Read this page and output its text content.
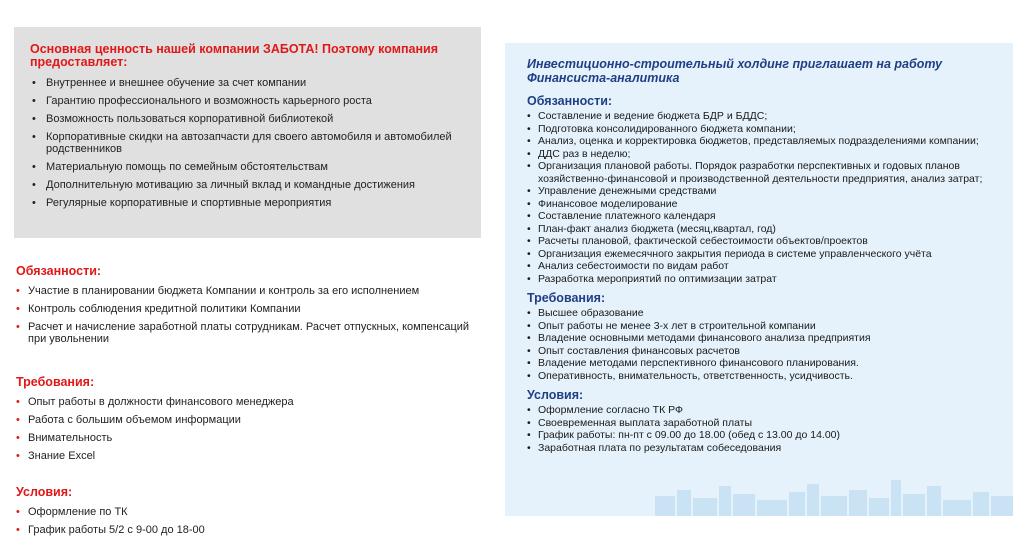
Основная ценность нашей компании ЗАБОТА! Поэтому компания предоставляет:

• Внутреннее и внешнее обучение за счет компании
• Гарантию профессионального и возможность карьерного роста
• Возможность пользоваться корпоративной библиотекой
• Корпоративные скидки на автозапчасти для своего автомобиля и автомобилей родственников
• Материальную помощь по семейным обстоятельствам
• Дополнительную мотивацию за личный вклад и командные достижения
• Регулярные корпоративные и спортивные мероприятия

Обязанности:

• Участие в планировании бюджета Компании и контроль за его исполнением
• Контроль соблюдения кредитной политики Компании
• Расчет и начисление заработной платы сотрудникам. Расчет отпускных, компенсаций при увольнении

Требования:

• Опыт работы в должности финансового менеджера
• Работа с большим объемом информации
• Внимательность
• Знание Excel

Условия:

• Оформление по ТК
• График работы 5/2 с 9-00 до 18-00

Инвестиционно-строительный холдинг приглашает на работу Финансиста-аналитика

Обязанности:

• Составление и ведение бюджета БДР и БДДС;
• Подготовка консолидированного бюджета компании;
• Анализ, оценка и корректировка бюджетов, представляемых подразделениями компании;
• ДДС раз в неделю;
• Организация плановой работы. Порядок разработки перспективных и годовых планов хозяйственно-финансовой и производственной деятельности предприятия, анализ затрат;
• Управление денежными средствами
• Финансовое моделирование
• Составление платежного календаря
• План-факт анализ бюджета (месяц,квартал, год)
• Расчеты плановой, фактической себестоимости объектов/проектов
• Организация ежемесячного закрытия периода в системе управленческого учёта
• Анализ себестоимости по видам работ
• Разработка мероприятий по оптимизации затрат

Требования:

• Высшее образование
• Опыт работы не менее 3-х лет в строительной компании
• Владение основными методами финансового анализа предприятия
• Опыт составления финансовых расчетов
• Владение методами перспективного финансового планирования.
• Оперативность, внимательность, ответственность, усидчивость.

Условия:

• Оформление согласно ТК РФ
• Своевременная выплата заработной платы
• График работы: пн-пт с 09.00 до 18.00 (обед с 13.00 до 14.00)
• Заработная плата по результатам собеседования
